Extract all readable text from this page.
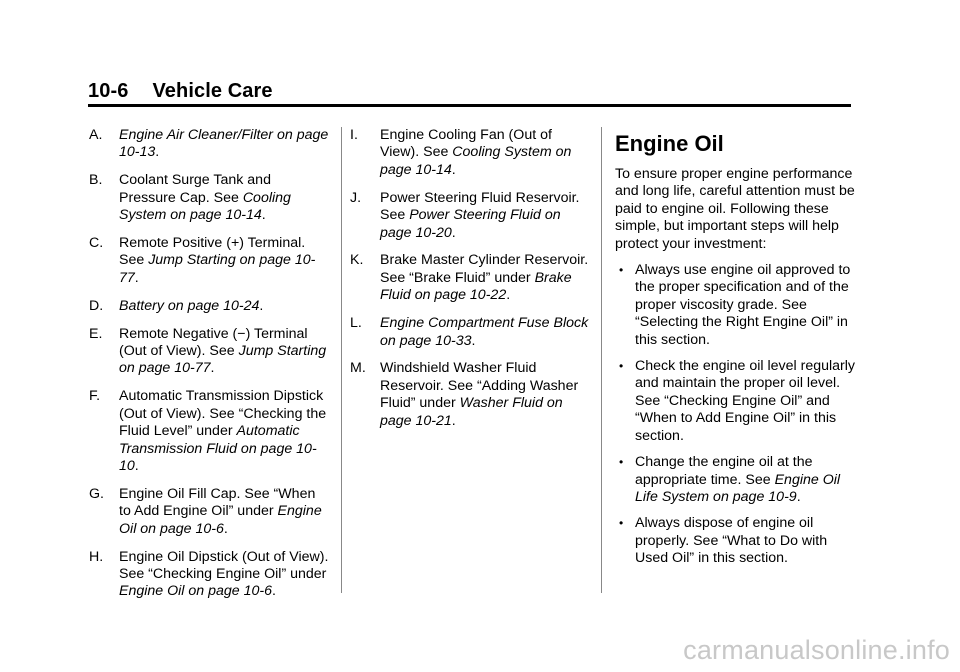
10-6 Vehicle Care
A. Engine Air Cleaner/Filter on page 10-13.
B. Coolant Surge Tank and Pressure Cap. See Cooling System on page 10-14.
C. Remote Positive (+) Terminal. See Jump Starting on page 10-77.
D. Battery on page 10-24.
E. Remote Negative (−) Terminal (Out of View). See Jump Starting on page 10-77.
F. Automatic Transmission Dipstick (Out of View). See “Checking the Fluid Level” under Automatic Transmission Fluid on page 10-10.
G. Engine Oil Fill Cap. See “When to Add Engine Oil” under Engine Oil on page 10-6.
H. Engine Oil Dipstick (Out of View). See “Checking Engine Oil” under Engine Oil on page 10-6.
I. Engine Cooling Fan (Out of View). See Cooling System on page 10-14.
J. Power Steering Fluid Reservoir. See Power Steering Fluid on page 10-20.
K. Brake Master Cylinder Reservoir. See “Brake Fluid” under Brake Fluid on page 10-22.
L. Engine Compartment Fuse Block on page 10-33.
M. Windshield Washer Fluid Reservoir. See “Adding Washer Fluid” under Washer Fluid on page 10-21.
Engine Oil
To ensure proper engine performance and long life, careful attention must be paid to engine oil. Following these simple, but important steps will help protect your investment:
• Always use engine oil approved to the proper specification and of the proper viscosity grade. See “Selecting the Right Engine Oil” in this section.
• Check the engine oil level regularly and maintain the proper oil level. See “Checking Engine Oil” and “When to Add Engine Oil” in this section.
• Change the engine oil at the appropriate time. See Engine Oil Life System on page 10-9.
• Always dispose of engine oil properly. See “What to Do with Used Oil” in this section.
carmanualsonline.info
